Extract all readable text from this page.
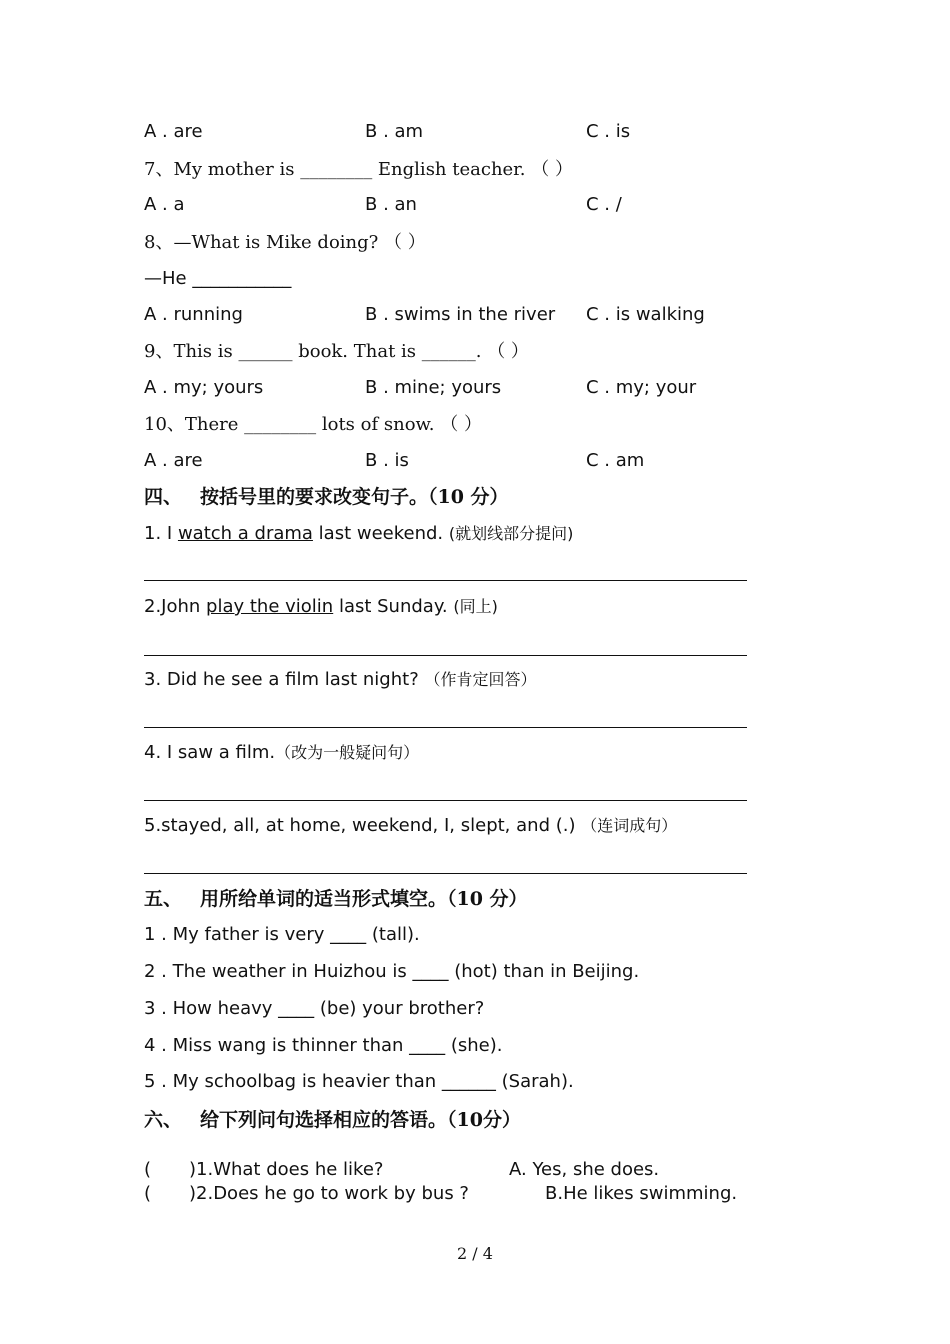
A . are	B . am	C . is
7、My mother is ________ English teacher. （ ）
A . a	B . an	C . /
8、—What is Mike doing? （ ）
—He ___________
A . running	B . swims in the river C . is walking
9、This is ______ book. That is ______. （ ）
A . my; yours	B . mine; yours	C . my; your
10、There ________ lots of snow. （ ）
A . are	B . is	C . am
四、 按括号里的要求改变句子。（10 分）
1. I watch a drama last weekend. (就划线部分提问)
2.John play the violin last Sunday. (同上)
3. Did he see a film last night? （作肯定回答）
4. I saw a film.（改为一般疑问句）
5.stayed, all, at home, weekend, I, slept, and (.) （连词成句）
五、 用所给单词的适当形式填空。（10 分）
1 . My father is very ____ (tall).
2 . The weather in Huizhou is ____ (hot) than in Beijing.
3 . How heavy ____ (be) your brother?
4 . Miss wang is thinner than ____ (she).
5 . My schoolbag is heavier than ______ (Sarah).
六、 给下列问句选择相应的答语。（10分）
( )1.What does he like?	A. Yes, she does.
( )2.Does he go to work by bus ?	B.He likes swimming.
2 / 4
